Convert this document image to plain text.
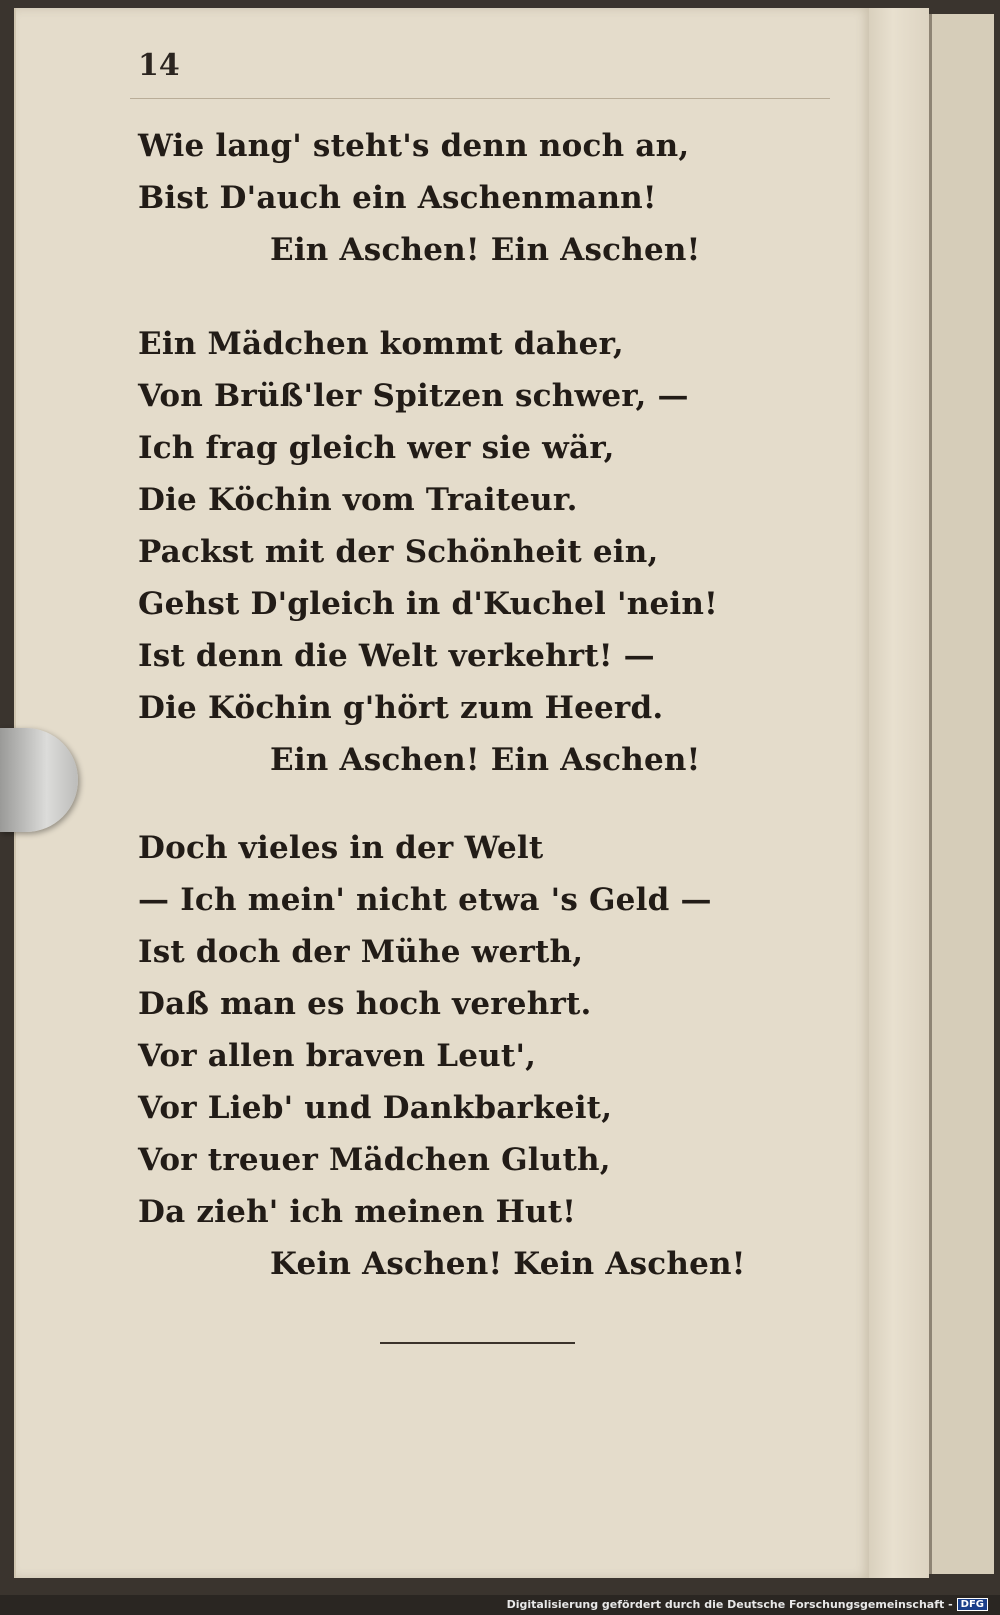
14
Wie lang' steht's denn noch an,
Bist D'auch ein Aschenmann!
Ein Aschen! Ein Aschen!
Ein Mädchen kommt daher,
Von Brüß'ler Spitzen schwer, —
Ich frag gleich wer sie wär,
Die Köchin vom Traiteur.
Packst mit der Schönheit ein,
Gehst D'gleich in d'Kuchel 'nein!
Ist denn die Welt verkehrt! —
Die Köchin g'hört zum Heerd.
Ein Aschen! Ein Aschen!
Doch vieles in der Welt
— Ich mein' nicht etwa 's Geld —
Ist doch der Mühe werth,
Daß man es hoch verehrt.
Vor allen braven Leut',
Vor Lieb' und Dankbarkeit,
Vor treuer Mädchen Gluth,
Da zieh' ich meinen Hut!
Kein Aschen! Kein Aschen!
Digitalisierung gefördert durch die Deutsche Forschungsgemeinschaft - DFG
